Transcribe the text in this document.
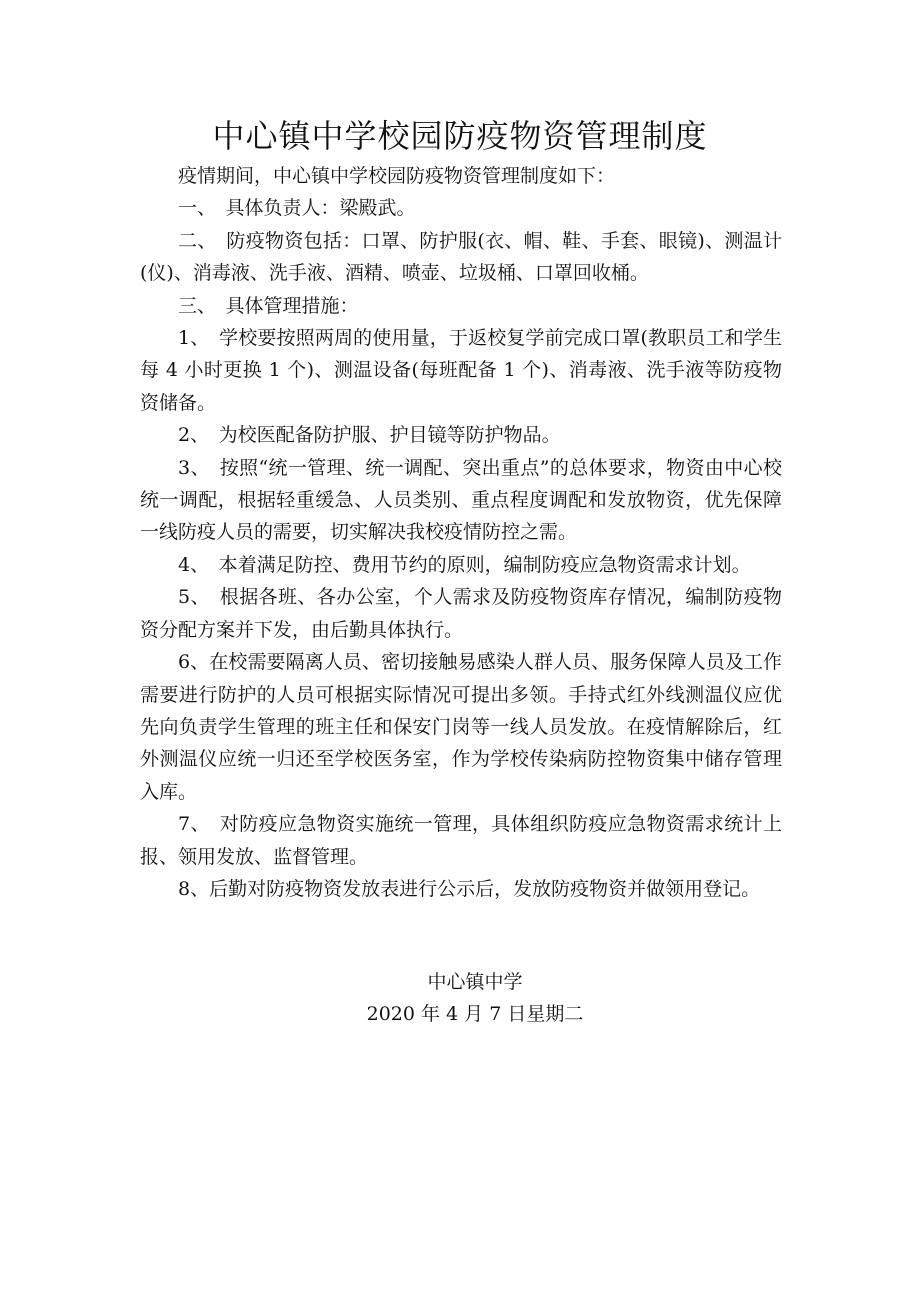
中心镇中学校园防疫物资管理制度

疫情期间，中心镇中学校园防疫物资管理制度如下：

一、　具体负责人：梁殿武。

二、　防疫物资包括：口罩、防护服(衣、帽、鞋、手套、眼镜)、测温计(仪)、消毒液、洗手液、酒精、喷壶、垃圾桶、口罩回收桶。

三、　具体管理措施：

1、　学校要按照两周的使用量，于返校复学前完成口罩(教职员工和学生每 4 小时更换 1 个)、测温设备(每班配备 1 个)、消毒液、洗手液等防疫物资储备。

2、　为校医配备防护服、护目镜等防护物品。

3、　按照“统一管理、统一调配、突出重点”的总体要求，物资由中心校统一调配，根据轻重缓急、人员类别、重点程度调配和发放物资，优先保障一线防疫人员的需要，切实解决我校疫情防控之需。

4、　本着满足防控、费用节约的原则，编制防疫应急物资需求计划。

5、　根据各班、各办公室，个人需求及防疫物资库存情况，编制防疫物资分配方案并下发，由后勤具体执行。

6、在校需要隔离人员、密切接触易感染人群人员、服务保障人员及工作需要进行防护的人员可根据实际情况可提出多领。手持式红外线测温仪应优先向负责学生管理的班主任和保安门岗等一线人员发放。在疫情解除后，红外测温仪应统一归还至学校医务室，作为学校传染病防控物资集中储存管理入库。

7、　对防疫应急物资实施统一管理，具体组织防疫应急物资需求统计上报、领用发放、监督管理。

8、后勤对防疫物资发放表进行公示后，发放防疫物资并做领用登记。

中心镇中学
2020 年 4 月 7 日星期二
